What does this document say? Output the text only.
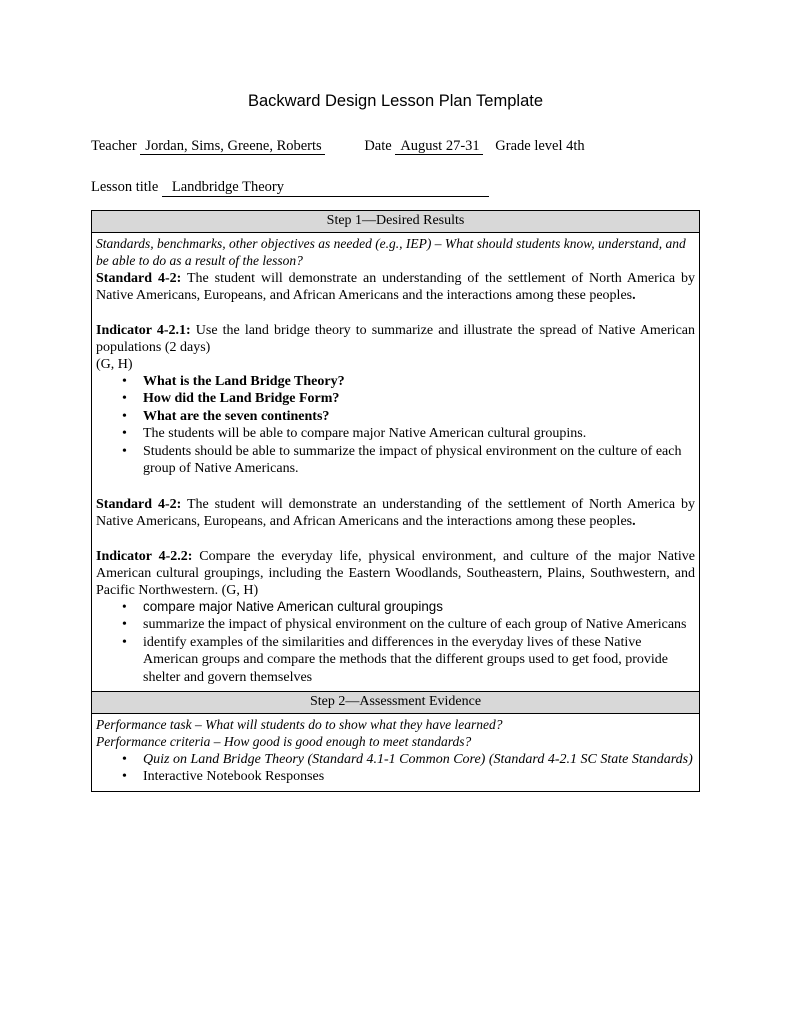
Backward Design Lesson Plan Template
Teacher Jordan, Sims, Greene, Roberts	Date August 27-31 Grade level 4th
Lesson title Landbridge Theory
Step 1—Desired Results

Standards, benchmarks, other objectives as needed (e.g., IEP) – What should students know, understand, and be able to do as a result of the lesson?

Standard 4-2: The student will demonstrate an understanding of the settlement of North America by Native Americans, Europeans, and African Americans and the interactions among these peoples.

Indicator 4-2.1: Use the land bridge theory to summarize and illustrate the spread of Native American populations (2 days)

(G, H)

• What is the Land Bridge Theory?
• How did the Land Bridge Form?
• What are the seven continents?
• The students will be able to compare major Native American cultural groupins.
• Students should be able to summarize the impact of physical environment on the culture of each group of Native Americans.

Standard 4-2: The student will demonstrate an understanding of the settlement of North America by Native Americans, Europeans, and African Americans and the interactions among these peoples.

Indicator 4-2.2: Compare the everyday life, physical environment, and culture of the major Native American cultural groupings, including the Eastern Woodlands, Southeastern, Plains, Southwestern, and Pacific Northwestern. (G, H)

• compare major Native American cultural groupings
• summarize the impact of physical environment on the culture of each group of Native Americans
• identify examples of the similarities and differences in the everyday lives of these Native American groups and compare the methods that the different groups used to get food, provide shelter and govern themselves

Step 2—Assessment Evidence

Performance task – What will students do to show what they have learned?

Performance criteria – How good is good enough to meet standards?

• Quiz on Land Bridge Theory (Standard 4.1-1 Common Core) (Standard 4-2.1 SC State Standards)
• Interactive Notebook Responses
